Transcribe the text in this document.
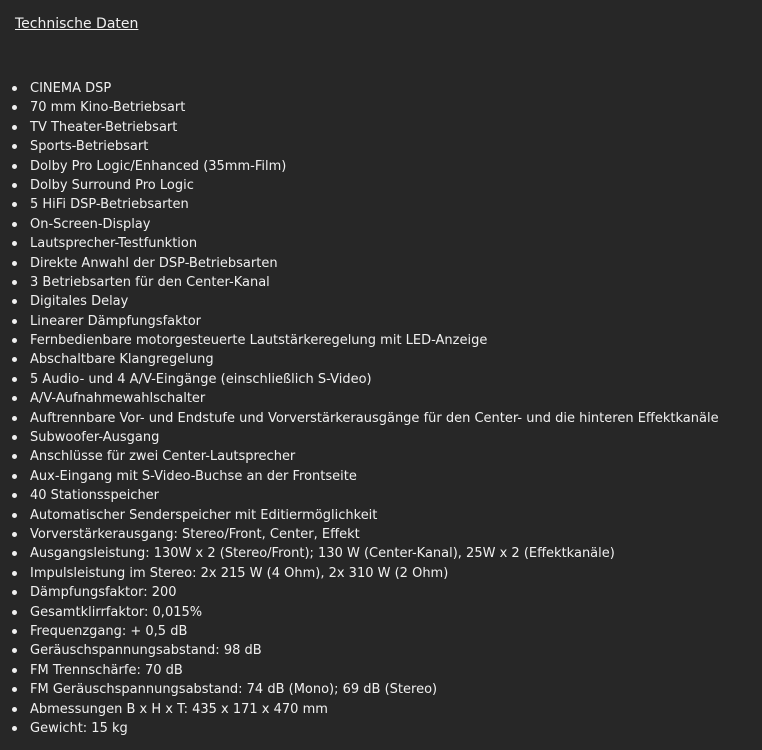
Technische Daten
CINEMA DSP
70 mm Kino-Betriebsart
TV Theater-Betriebsart
Sports-Betriebsart
Dolby Pro Logic/Enhanced (35mm-Film)
Dolby Surround Pro Logic
5 HiFi DSP-Betriebsarten
On-Screen-Display
Lautsprecher-Testfunktion
Direkte Anwahl der DSP-Betriebsarten
3 Betriebsarten für den Center-Kanal
Digitales Delay
Linearer Dämpfungsfaktor
Fernbedienbare motorgesteuerte Lautstärkeregelung mit LED-Anzeige
Abschaltbare Klangregelung
5 Audio- und 4 A/V-Eingänge (einschließlich S-Video)
A/V-Aufnahmewahlschalter
Auftrennbare Vor- und Endstufe und Vorverstärkerausgänge für den Center- und die hinteren Effektkanäle
Subwoofer-Ausgang
Anschlüsse für zwei Center-Lautsprecher
Aux-Eingang mit S-Video-Buchse an der Frontseite
40 Stationsspeicher
Automatischer Senderspeicher mit Editiermöglichkeit
Vorverstärkerausgang: Stereo/Front, Center, Effekt
Ausgangsleistung: 130W x 2 (Stereo/Front); 130 W (Center-Kanal), 25W x 2 (Effektkanäle)
Impulsleistung im Stereo: 2x 215 W (4 Ohm), 2x 310 W (2 Ohm)
Dämpfungsfaktor: 200
Gesamtklirrfaktor: 0,015%
Frequenzgang: + 0,5 dB
Geräuschspannungsabstand: 98 dB
FM Trennschärfe: 70 dB
FM Geräuschspannungsabstand: 74 dB (Mono); 69 dB (Stereo)
Abmessungen B x H x T: 435 x 171 x 470 mm
Gewicht: 15 kg
